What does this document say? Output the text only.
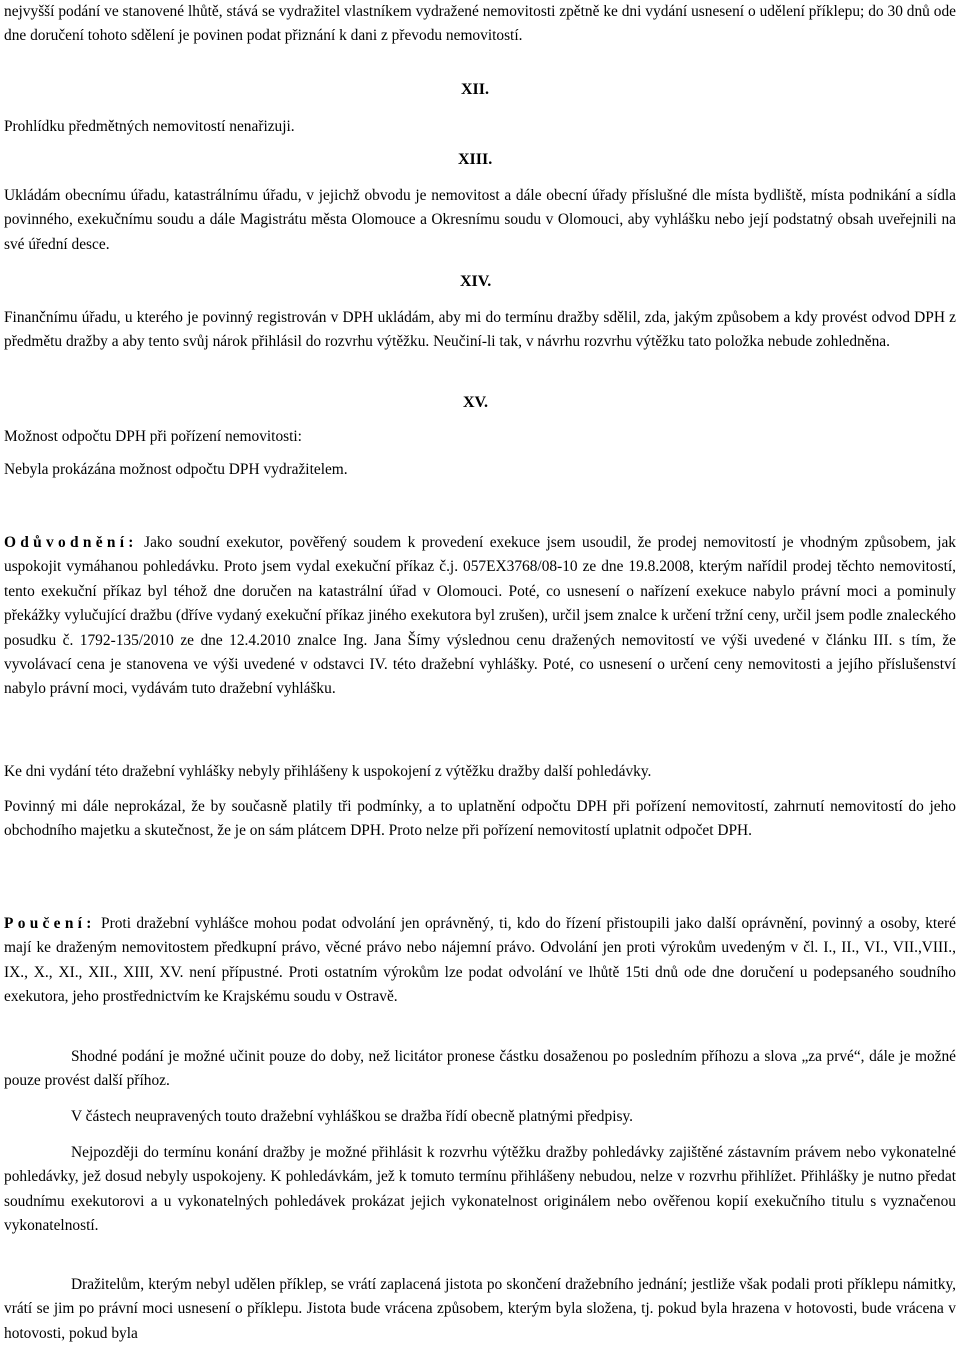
nejvyšší podání ve stanovené lhůtě, stává se vydražitel vlastníkem vydražené nemovitosti zpětně ke dni vydání usnesení o udělení příklepu; do 30 dnů ode dne doručení tohoto sdělení je povinen podat přiznání k dani z převodu nemovitostí.

XII.

Prohlídku předmětných nemovitostí nenařizuji.

XIII.

Ukládám obecnímu úřadu, katastrálnímu úřadu, v jejichž obvodu je nemovitost a dále obecní úřady příslušné dle místa bydliště, místa podnikání a sídla povinného, exekučnímu soudu a dále Magistrátu města Olomouce a Okresnímu soudu v Olomouci, aby vyhlášku nebo její podstatný obsah uveřejnili na své úřední desce.

XIV.

Finančnímu úřadu, u kterého je povinný registrován v DPH ukládám, aby mi do termínu dražby sdělil, zda, jakým způsobem a kdy provést odvod DPH z předmětu dražby a aby tento svůj nárok přihlásil do rozvrhu výtěžku. Neučiní-li tak, v návrhu rozvrhu výtěžku tato položka nebude zohledněna.

XV.

Možnost odpočtu DPH při pořízení nemovitosti:

Nebyla prokázána možnost odpočtu DPH vydražitelem.

Odůvodnění: Jako soudní exekutor, pověřený soudem k provedení exekuce jsem usoudil, že prodej nemovitostí je vhodným způsobem, jak uspokojit vymáhanou pohledávku. Proto jsem vydal exekuční příkaz č.j. 057EX3768/08-10 ze dne 19.8.2008, kterým nařídil prodej těchto nemovitostí, tento exekuční příkaz byl téhož dne doručen na katastrální úřad v Olomouci. Poté, co usnesení o nařízení exekuce nabylo právní moci a pominuly překážky vylučující dražbu (dříve vydaný exekuční příkaz jiného exekutora byl zrušen), určil jsem znalce k určení tržní ceny, určil jsem podle znaleckého posudku č. 1792-135/2010 ze dne 12.4.2010 znalce Ing. Jana Šímy výslednou cenu dražených nemovitostí ve výši uvedené v článku III. s tím, že vyvolávací cena je stanovena ve výši uvedené v odstavci IV. této dražební vyhlášky. Poté, co usnesení o určení ceny nemovitosti a jejího příslušenství nabylo právní moci, vydávám tuto dražební vyhlášku.

Ke dni vydání této dražební vyhlášky nebyly přihlášeny k uspokojení z výtěžku dražby další pohledávky.

Povinný mi dále neprokázal, že by současně platily tři podmínky, a to uplatnění odpočtu DPH při pořízení nemovitostí, zahrnutí nemovitostí do jeho obchodního majetku a skutečnost, že je on sám plátcem DPH. Proto nelze při pořízení nemovitostí uplatnit odpočet DPH.

Poučení: Proti dražební vyhlášce mohou podat odvolání jen oprávněný, ti, kdo do řízení přistoupili jako další oprávnění, povinný a osoby, které mají ke draženým nemovitostem předkupní právo, věcné právo nebo nájemní právo. Odvolání jen proti výrokům uvedeným v čl. I., II., VI., VII.,VIII., IX., X., XI., XII., XIII, XV. není přípustné. Proti ostatním výrokům lze podat odvolání ve lhůtě 15ti dnů ode dne doručení u podepsaného soudního exekutora, jeho prostřednictvím ke Krajskému soudu v Ostravě.

Shodné podání je možné učinit pouze do doby, než licitátor pronese částku dosaženou po posledním příhozu a slova „za prvé“, dále je možné pouze provést další příhoz.

V částech neupravených touto dražební vyhláškou se dražba řídí obecně platnými předpisy.

Nejpozději do termínu konání dražby je možné přihlásit k rozvrhu výtěžku dražby pohledávky zajištěné zástavním právem nebo vykonatelné pohledávky, jež dosud nebyly uspokojeny. K pohledávkám, jež k tomuto termínu přihlášeny nebudou, nelze v rozvrhu přihlížet. Přihlášky je nutno předat soudnímu exekutorovi a u vykonatelných pohledávek prokázat jejich vykonatelnost originálem nebo ověřenou kopií exekučního titulu s vyznačenou vykonatelností.

Dražitelům, kterým nebyl udělen příklep, se vrátí zaplacená jistota po skončení dražebního jednání; jestliže však podali proti příklepu námitky, vrátí se jim po právní moci usnesení o příklepu. Jistota bude vrácena způsobem, kterým byla složena, tj. pokud byla hrazena v hotovosti, bude vrácena v hotovosti, pokud byla
